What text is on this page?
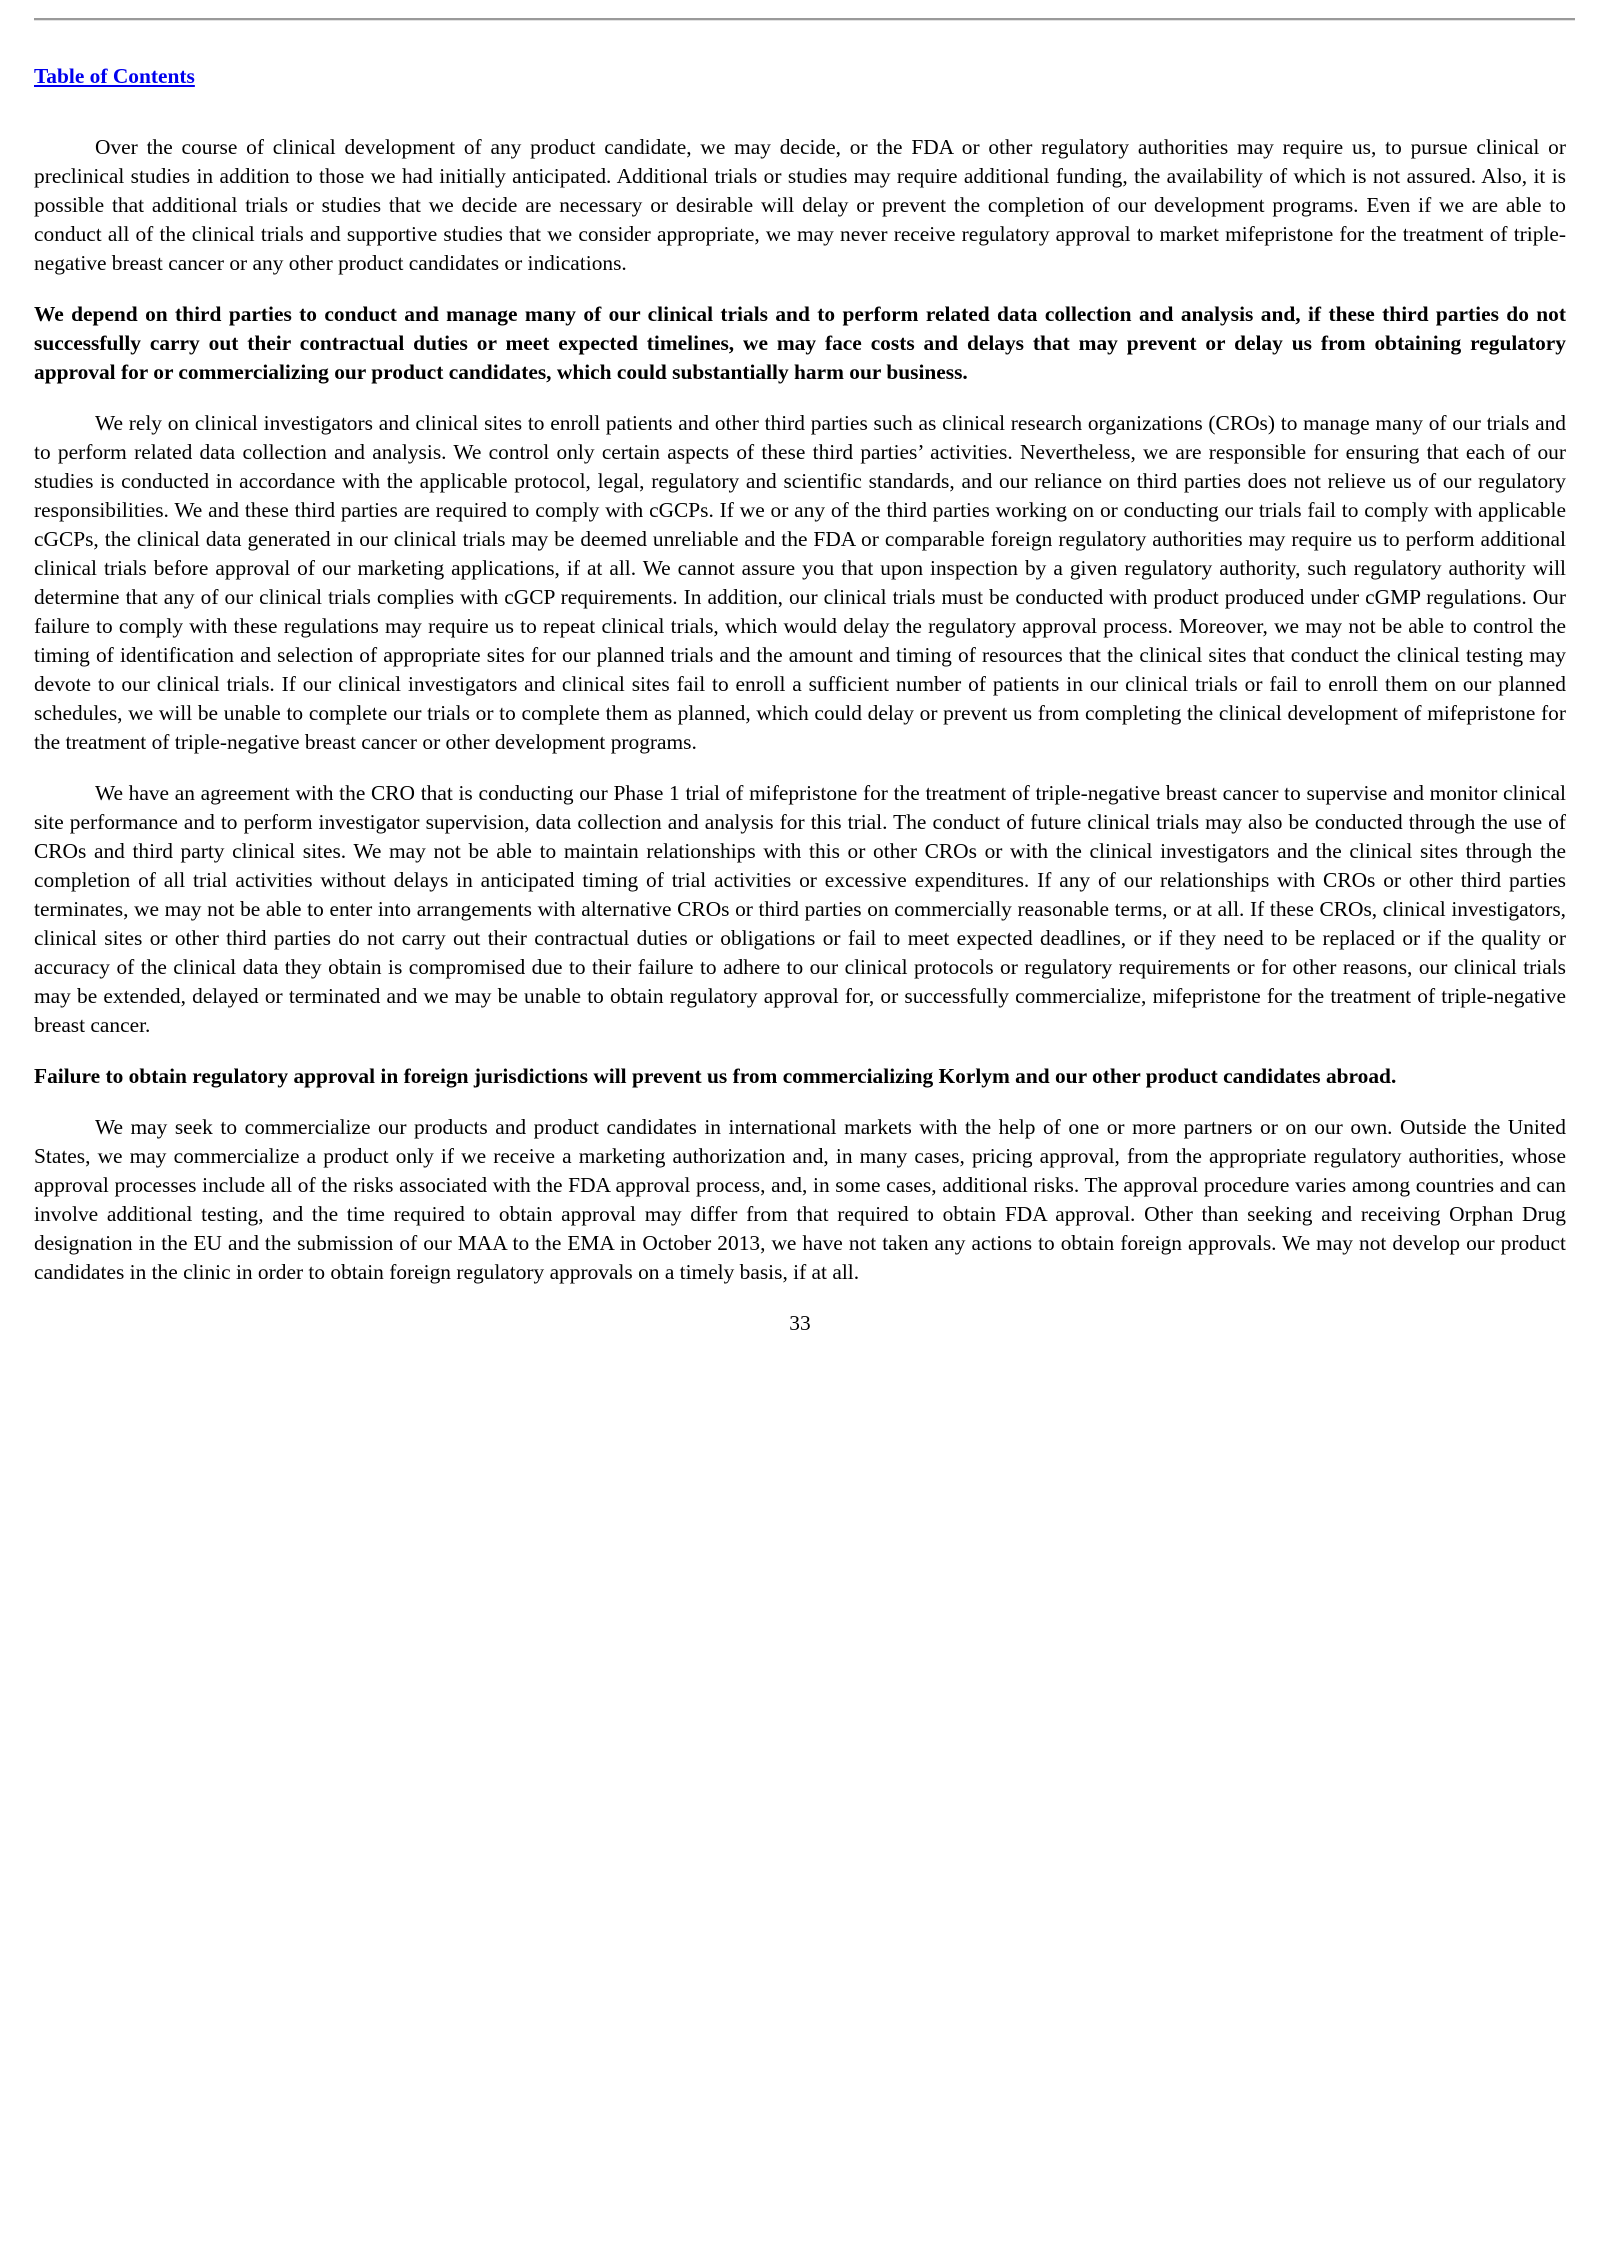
Table of Contents

Over the course of clinical development of any product candidate, we may decide, or the FDA or other regulatory authorities may require us, to pursue clinical or preclinical studies in addition to those we had initially anticipated. Additional trials or studies may require additional funding, the availability of which is not assured. Also, it is possible that additional trials or studies that we decide are necessary or desirable will delay or prevent the completion of our development programs. Even if we are able to conduct all of the clinical trials and supportive studies that we consider appropriate, we may never receive regulatory approval to market mifepristone for the treatment of triple-negative breast cancer or any other product candidates or indications.

We depend on third parties to conduct and manage many of our clinical trials and to perform related data collection and analysis and, if these third parties do not successfully carry out their contractual duties or meet expected timelines, we may face costs and delays that may prevent or delay us from obtaining regulatory approval for or commercializing our product candidates, which could substantially harm our business.

We rely on clinical investigators and clinical sites to enroll patients and other third parties such as clinical research organizations (CROs) to manage many of our trials and to perform related data collection and analysis. We control only certain aspects of these third parties’ activities. Nevertheless, we are responsible for ensuring that each of our studies is conducted in accordance with the applicable protocol, legal, regulatory and scientific standards, and our reliance on third parties does not relieve us of our regulatory responsibilities. We and these third parties are required to comply with cGCPs. If we or any of the third parties working on or conducting our trials fail to comply with applicable cGCPs, the clinical data generated in our clinical trials may be deemed unreliable and the FDA or comparable foreign regulatory authorities may require us to perform additional clinical trials before approval of our marketing applications, if at all. We cannot assure you that upon inspection by a given regulatory authority, such regulatory authority will determine that any of our clinical trials complies with cGCP requirements. In addition, our clinical trials must be conducted with product produced under cGMP regulations. Our failure to comply with these regulations may require us to repeat clinical trials, which would delay the regulatory approval process. Moreover, we may not be able to control the timing of identification and selection of appropriate sites for our planned trials and the amount and timing of resources that the clinical sites that conduct the clinical testing may devote to our clinical trials. If our clinical investigators and clinical sites fail to enroll a sufficient number of patients in our clinical trials or fail to enroll them on our planned schedules, we will be unable to complete our trials or to complete them as planned, which could delay or prevent us from completing the clinical development of mifepristone for the treatment of triple-negative breast cancer or other development programs.

We have an agreement with the CRO that is conducting our Phase 1 trial of mifepristone for the treatment of triple-negative breast cancer to supervise and monitor clinical site performance and to perform investigator supervision, data collection and analysis for this trial. The conduct of future clinical trials may also be conducted through the use of CROs and third party clinical sites. We may not be able to maintain relationships with this or other CROs or with the clinical investigators and the clinical sites through the completion of all trial activities without delays in anticipated timing of trial activities or excessive expenditures. If any of our relationships with CROs or other third parties terminates, we may not be able to enter into arrangements with alternative CROs or third parties on commercially reasonable terms, or at all. If these CROs, clinical investigators, clinical sites or other third parties do not carry out their contractual duties or obligations or fail to meet expected deadlines, or if they need to be replaced or if the quality or accuracy of the clinical data they obtain is compromised due to their failure to adhere to our clinical protocols or regulatory requirements or for other reasons, our clinical trials may be extended, delayed or terminated and we may be unable to obtain regulatory approval for, or successfully commercialize, mifepristone for the treatment of triple-negative breast cancer.

Failure to obtain regulatory approval in foreign jurisdictions will prevent us from commercializing Korlym and our other product candidates abroad.

We may seek to commercialize our products and product candidates in international markets with the help of one or more partners or on our own. Outside the United States, we may commercialize a product only if we receive a marketing authorization and, in many cases, pricing approval, from the appropriate regulatory authorities, whose approval processes include all of the risks associated with the FDA approval process, and, in some cases, additional risks. The approval procedure varies among countries and can involve additional testing, and the time required to obtain approval may differ from that required to obtain FDA approval. Other than seeking and receiving Orphan Drug designation in the EU and the submission of our MAA to the EMA in October 2013, we have not taken any actions to obtain foreign approvals. We may not develop our product candidates in the clinic in order to obtain foreign regulatory approvals on a timely basis, if at all.

33
